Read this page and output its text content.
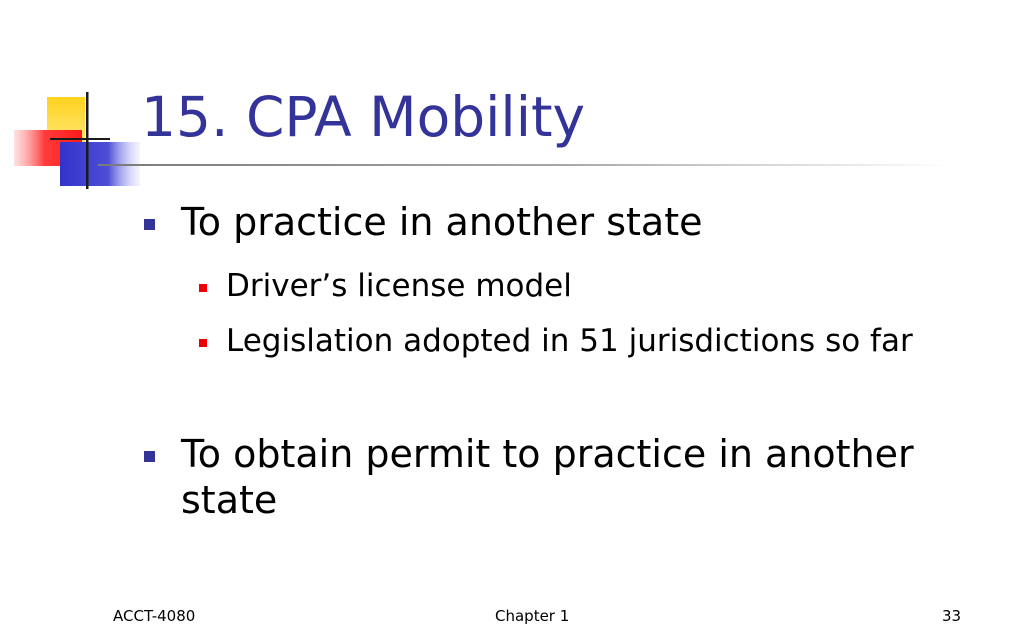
15. CPA Mobility
To practice in another state
Driver’s license model
Legislation adopted in 51 jurisdictions so far
To obtain permit to practice in another state
ACCT-4080	Chapter 1	33
